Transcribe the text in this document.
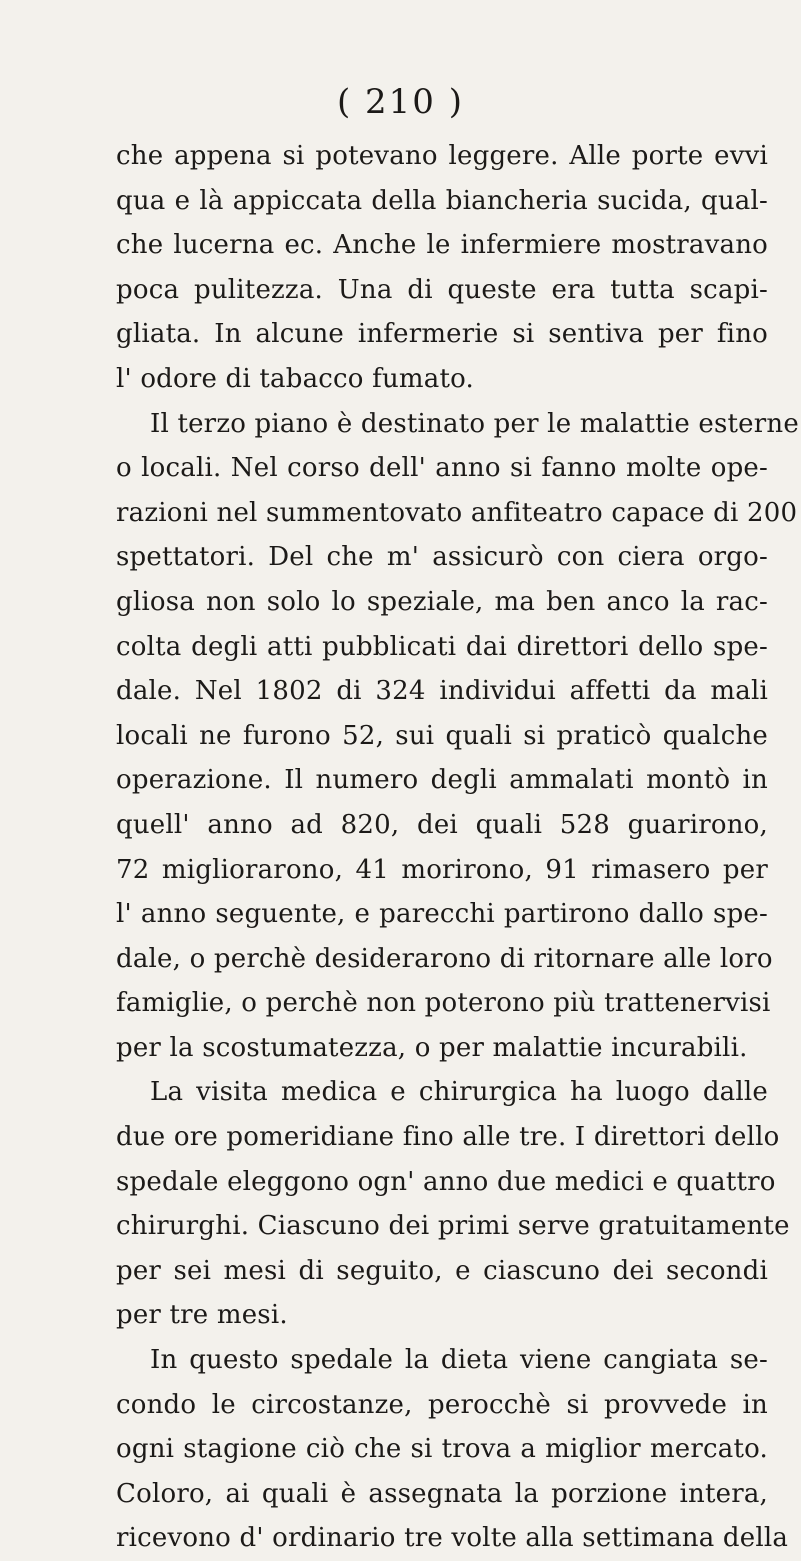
( 210 )
che appena si potevano leggere. Alle porte evvi
qua e là appiccata della biancheria sucida, qual-
che lucerna ec. Anche le infermiere mostravano
poca pulitezza. Una di queste era tutta scapi-
gliata. In alcune infermerie si sentiva per fino
l' odore di tabacco fumato.
Il terzo piano è destinato per le malattie esterne
o locali. Nel corso dell' anno si fanno molte ope-
razioni nel summentovato anfiteatro capace di 200
spettatori. Del che m' assicurò con ciera orgo-
gliosa non solo lo speziale, ma ben anco la rac-
colta degli atti pubblicati dai direttori dello spe-
dale. Nel 1802 di 324 individui affetti da mali
locali ne furono 52, sui quali si praticò qualche
operazione. Il numero degli ammalati montò in
quell' anno ad 820, dei quali 528 guarirono,
72 migliorarono, 41 morirono, 91 rimasero per
l' anno seguente, e parecchi partirono dallo spe-
dale, o perchè desiderarono di ritornare alle loro
famiglie, o perchè non poterono più trattenervisi
per la scostumatezza, o per malattie incurabili.
La visita medica e chirurgica ha luogo dalle
due ore pomeridiane fino alle tre. I direttori dello
spedale eleggono ogn' anno due medici e quattro
chirurghi. Ciascuno dei primi serve gratuitamente
per sei mesi di seguito, e ciascuno dei secondi
per tre mesi.
In questo spedale la dieta viene cangiata se-
condo le circostanze, perocchè si provvede in
ogni stagione ciò che si trova a miglior mercato.
Coloro, ai quali è assegnata la porzione intera,
ricevono d' ordinario tre volte alla settimana della
